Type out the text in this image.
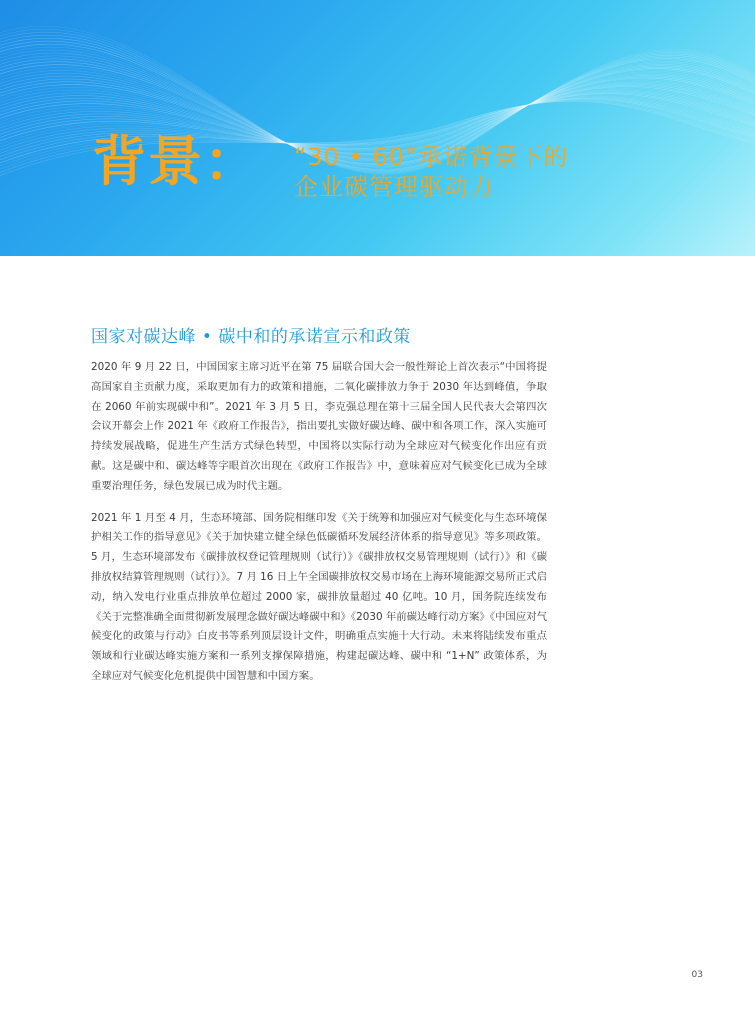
背景： “30 • 60”承诺背景下的
企业碳管理驱动力
国家对碳达峰 • 碳中和的承诺宣示和政策

2020 年 9 月 22 日，中国国家主席习近平在第 75 届联合国大会一般性辩论上首次表示“中国将提高国家自主贡献力度，采取更加有力的政策和措施，二氧化碳排放力争于 2030 年达到峰值，争取在 2060 年前实现碳中和”。2021 年 3 月 5 日，李克强总理在第十三届全国人民代表大会第四次会议开幕会上作 2021 年《政府工作报告》，指出要扎实做好碳达峰、碳中和各项工作，深入实施可持续发展战略，促进生产生活方式绿色转型，中国将以实际行动为全球应对气候变化作出应有贡献。这是碳中和、碳达峰等字眼首次出现在《政府工作报告》中，意味着应对气候变化已成为全球重要治理任务，绿色发展已成为时代主题。

2021 年 1 月至 4 月，生态环境部、国务院相继印发《关于统筹和加强应对气候变化与生态环境保护相关工作的指导意见》《关于加快建立健全绿色低碳循环发展经济体系的指导意见》等多项政策。5 月，生态环境部发布《碳排放权登记管理规则（试行）》《碳排放权交易管理规则（试行）》和《碳排放权结算管理规则（试行）》。7 月 16 日上午全国碳排放权交易市场在上海环境能源交易所正式启动，纳入发电行业重点排放单位超过 2000 家，碳排放量超过 40 亿吨。10 月，国务院连续发布《关于完整准确全面贯彻新发展理念做好碳达峰碳中和》《2030 年前碳达峰行动方案》《中国应对气候变化的政策与行动》白皮书等系列顶层设计文件，明确重点实施十大行动。未来将陆续发布重点领域和行业碳达峰实施方案和一系列支撑保障措施，构建起碳达峰、碳中和 “1+N” 政策体系，为全球应对气候变化危机提供中国智慧和中国方案。

03
